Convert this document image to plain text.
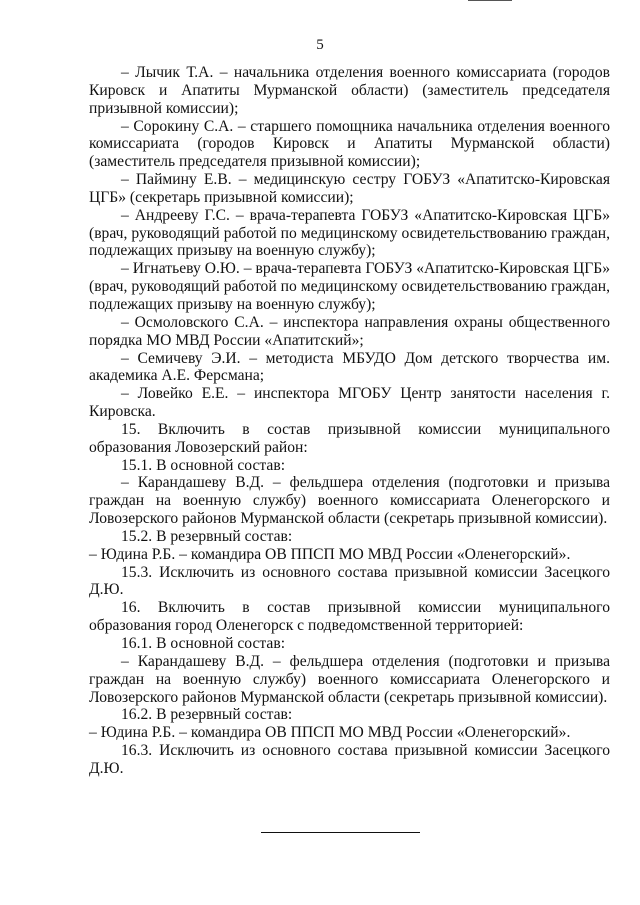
5

– Лычик Т.А. – начальника отделения военного комиссариата (городов Кировск и Апатиты Мурманской области) (заместитель председателя призывной комиссии);

– Сорокину С.А. – старшего помощника начальника отделения военного комиссариата (городов Кировск и Апатиты Мурманской области) (заместитель председателя призывной комиссии);

– Паймину Е.В. – медицинскую сестру ГОБУЗ «Апатитско-Кировская ЦГБ» (секретарь призывной комиссии);

– Андрееву Г.С. – врача-терапевта ГОБУЗ «Апатитско-Кировская ЦГБ» (врач, руководящий работой по медицинскому освидетельствованию граждан, подлежащих призыву на военную службу);

– Игнатьеву О.Ю. – врача-терапевта ГОБУЗ «Апатитско-Кировская ЦГБ» (врач, руководящий работой по медицинскому освидетельствованию граждан, подлежащих призыву на военную службу);

– Осмоловского С.А. – инспектора направления охраны общественного порядка МО МВД России «Апатитский»;

– Семичеву Э.И. – методиста МБУДО Дом детского творчества им. академика А.Е. Ферсмана;

– Ловейко Е.Е. – инспектора МГОБУ Центр занятости населения г. Кировска.

15. Включить в состав призывной комиссии муниципального образования Ловозерский район:

15.1. В основной состав:

– Карандашеву В.Д. – фельдшера отделения (подготовки и призыва граждан на военную службу) военного комиссариата Оленегорского и Ловозерского районов Мурманской области (секретарь призывной комиссии).

15.2. В резервный состав:

– Юдина Р.Б. – командира ОВ ППСП МО МВД России «Оленегорский».

15.3. Исключить из основного состава призывной комиссии Засецкого Д.Ю.

16. Включить в состав призывной комиссии муниципального образования город Оленегорск с подведомственной территорией:

16.1. В основной состав:

– Карандашеву В.Д. – фельдшера отделения (подготовки и призыва граждан на военную службу) военного комиссариата Оленегорского и Ловозерского районов Мурманской области (секретарь призывной комиссии).

16.2. В резервный состав:

– Юдина Р.Б. – командира ОВ ППСП МО МВД России «Оленегорский».

16.3. Исключить из основного состава призывной комиссии Засецкого Д.Ю.
